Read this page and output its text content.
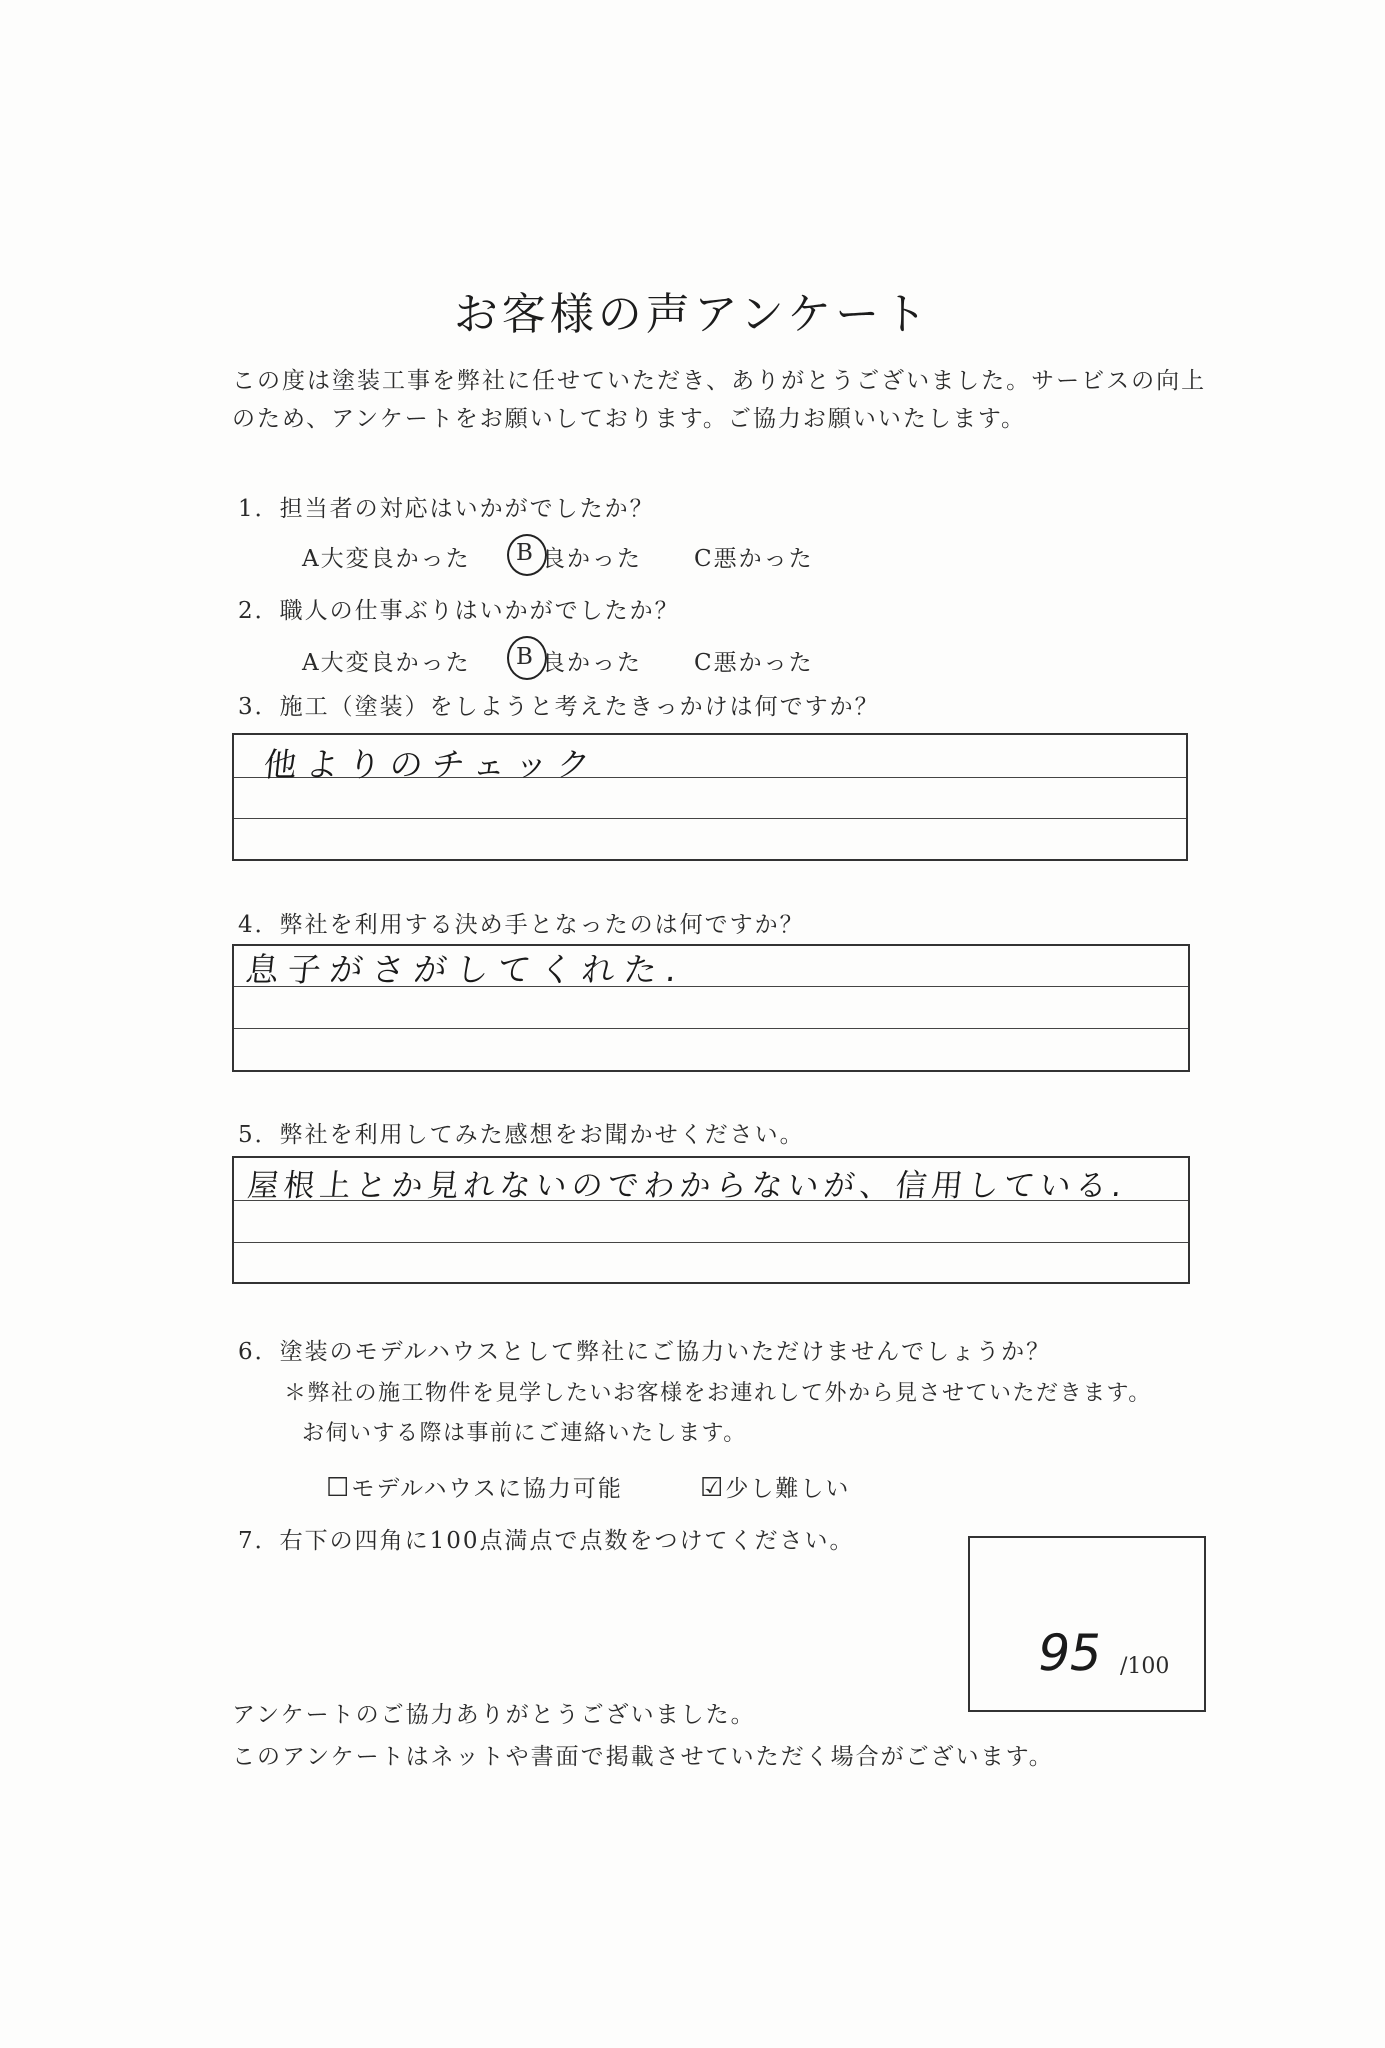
お客様の声アンケート
この度は塗装工事を弊社に任せていただき、ありがとうございました。サービスの向上
のため、アンケートをお願いしております。ご協力お願いいたします。
1．担当者の対応はいかがでしたか？
A大変良かった B 良かった C悪かった
2．職人の仕事ぶりはいかがでしたか？
A大変良かった B 良かった C悪かった
3．施工（塗装）をしようと考えたきっかけは何ですか？
他よりのチェック
4．弊社を利用する決め手となったのは何ですか？
息子がさがしてくれた.
5．弊社を利用してみた感想をお聞かせください。
屋根上とか見れないのでわからないが、信用している.
6．塗装のモデルハウスとして弊社にご協力いただけませんでしょうか？
＊弊社の施工物件を見学したいお客様をお連れして外から見させていただきます。
お伺いする際は事前にご連絡いたします。
☐モデルハウスに協力可能	☑少し難しい
7．右下の四角に100点満点で点数をつけてください。
95 /100
アンケートのご協力ありがとうございました。
このアンケートはネットや書面で掲載させていただく場合がございます。
